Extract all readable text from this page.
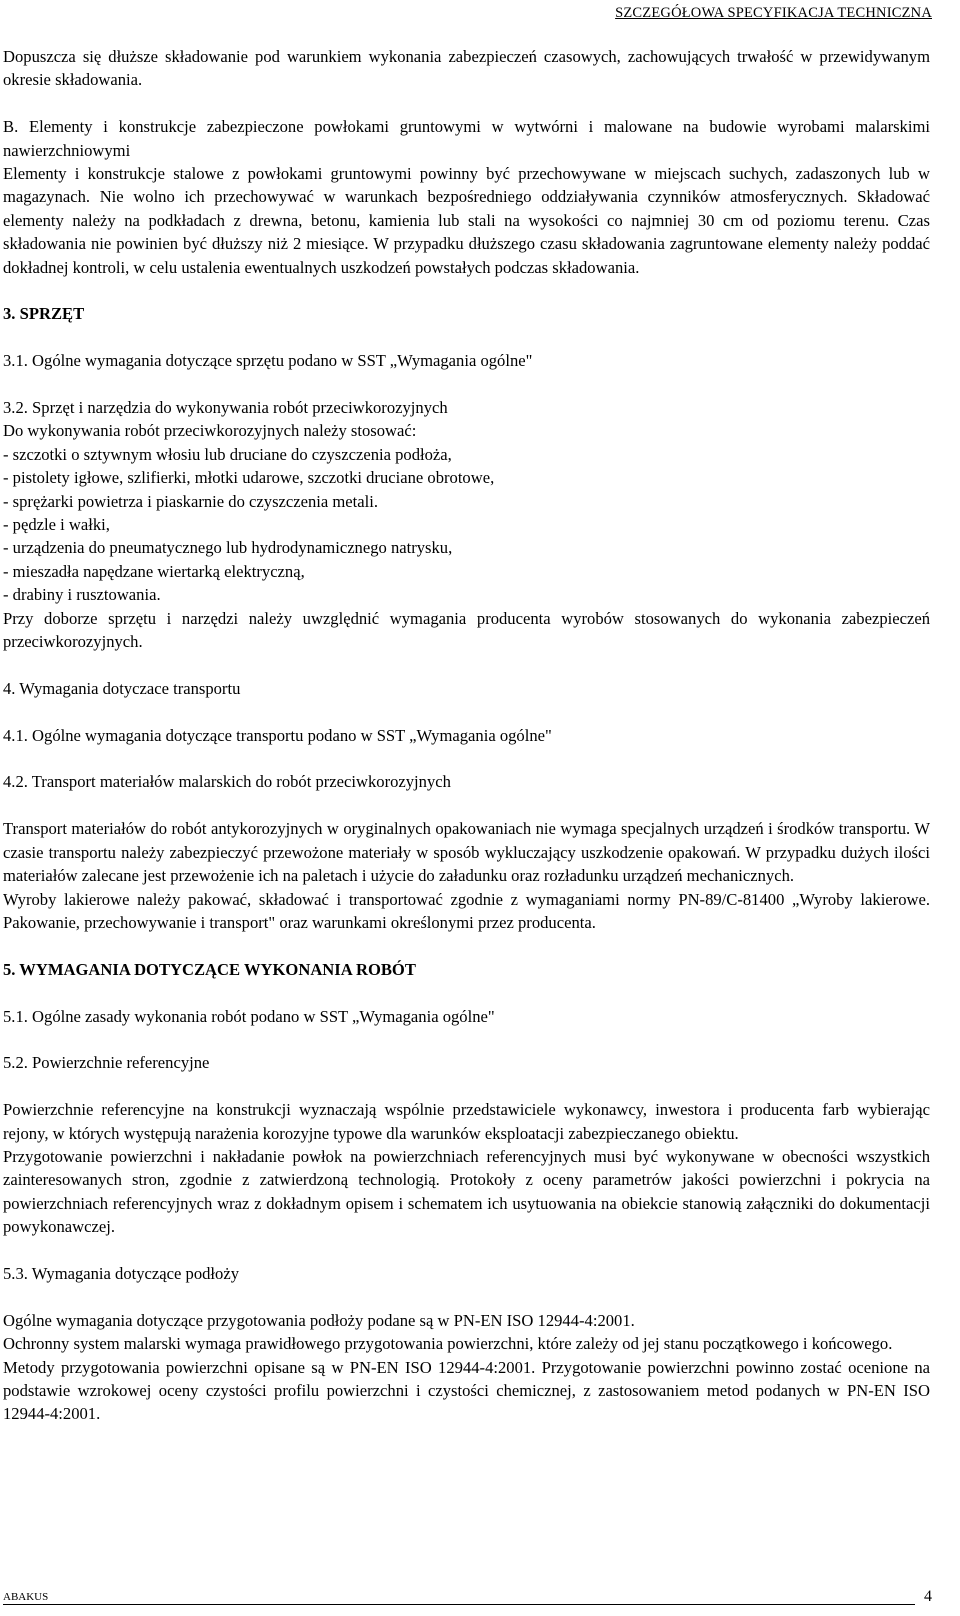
SZCZEGÓŁOWA SPECYFIKACJA TECHNICZNA

Dopuszcza się dłuższe składowanie pod warunkiem wykonania zabezpieczeń czasowych, zachowujących trwałość w przewidywanym okresie składowania.

B. Elementy i konstrukcje zabezpieczone powłokami gruntowymi w wytwórni i malowane na budowie wyrobami malarskimi nawierzchniowymi

Elementy i konstrukcje stalowe z powłokami gruntowymi powinny być przechowywane w miejscach suchych, zadaszonych lub w magazynach. Nie wolno ich przechowywać w warunkach bezpośredniego oddziaływania czynników atmosferycznych. Składować elementy należy na podkładach z drewna, betonu, kamienia lub stali na wysokości co najmniej 30 cm od poziomu terenu. Czas składowania nie powinien być dłuższy niż 2 miesiące. W przypadku dłuższego czasu składowania zagruntowane elementy należy poddać dokładnej kontroli, w celu ustalenia ewentualnych uszkodzeń powstałych podczas składowania.

3. SPRZĘT

3.1. Ogólne wymagania dotyczące sprzętu podano w SST „Wymagania ogólne"

3.2. Sprzęt i narzędzia do wykonywania robót przeciwkorozyjnych

Do wykonywania robót przeciwkorozyjnych należy stosować:

- szczotki o sztywnym włosiu lub druciane do czyszczenia podłoża,

- pistolety igłowe, szlifierki, młotki udarowe, szczotki druciane obrotowe,

- sprężarki powietrza i piaskarnie do czyszczenia metali.

- pędzle i wałki,

- urządzenia do pneumatycznego lub hydrodynamicznego natrysku,

- mieszadła napędzane wiertarką elektryczną,

- drabiny i rusztowania.

Przy doborze sprzętu i narzędzi należy uwzględnić wymagania producenta wyrobów stosowanych do wykonania zabezpieczeń przeciwkorozyjnych.

4. Wymagania dotyczace transportu

4.1. Ogólne wymagania dotyczące transportu podano w SST „Wymagania ogólne"

4.2. Transport materiałów malarskich do robót przeciwkorozyjnych

Transport materiałów do robót antykorozyjnych w oryginalnych opakowaniach nie wymaga specjalnych urządzeń i środków transportu. W czasie transportu należy zabezpieczyć przewożone materiały w sposób wykluczający uszkodzenie opakowań. W przypadku dużych ilości materiałów zalecane jest przewożenie ich na paletach i użycie do załadunku oraz rozładunku urządzeń mechanicznych.

Wyroby lakierowe należy pakować, składować i transportować zgodnie z wymaganiami normy PN-89/C-81400 „Wyroby lakierowe. Pakowanie, przechowywanie i transport" oraz warunkami określonymi przez producenta.

5. WYMAGANIA DOTYCZĄCE WYKONANIA ROBÓT

5.1. Ogólne zasady wykonania robót podano w SST „Wymagania ogólne"

5.2. Powierzchnie referencyjne

Powierzchnie referencyjne na konstrukcji wyznaczają wspólnie przedstawiciele wykonawcy, inwestora i producenta farb wybierając rejony, w których występują narażenia korozyjne typowe dla warunków eksploatacji zabezpieczanego obiektu.

Przygotowanie powierzchni i nakładanie powłok na powierzchniach referencyjnych musi być wykonywane w obecności wszystkich zainteresowanych stron, zgodnie z zatwierdzoną technologią. Protokoły z oceny parametrów jakości powierzchni i pokrycia na powierzchniach referencyjnych wraz z dokładnym opisem i schematem ich usytuowania na obiekcie stanowią załączniki do dokumentacji powykonawczej.

5.3. Wymagania dotyczące podłoży

Ogólne wymagania dotyczące przygotowania podłoży podane są w PN-EN ISO 12944-4:2001.

Ochronny system malarski wymaga prawidłowego przygotowania powierzchni, które zależy od jej stanu początkowego i końcowego.

Metody przygotowania powierzchni opisane są w PN-EN ISO 12944-4:2001. Przygotowanie powierzchni powinno zostać ocenione na podstawie wzrokowej oceny czystości profilu powierzchni i czystości chemicznej, z zastosowaniem metod podanych w PN-EN ISO 12944-4:2001.

ABAKUS	4
